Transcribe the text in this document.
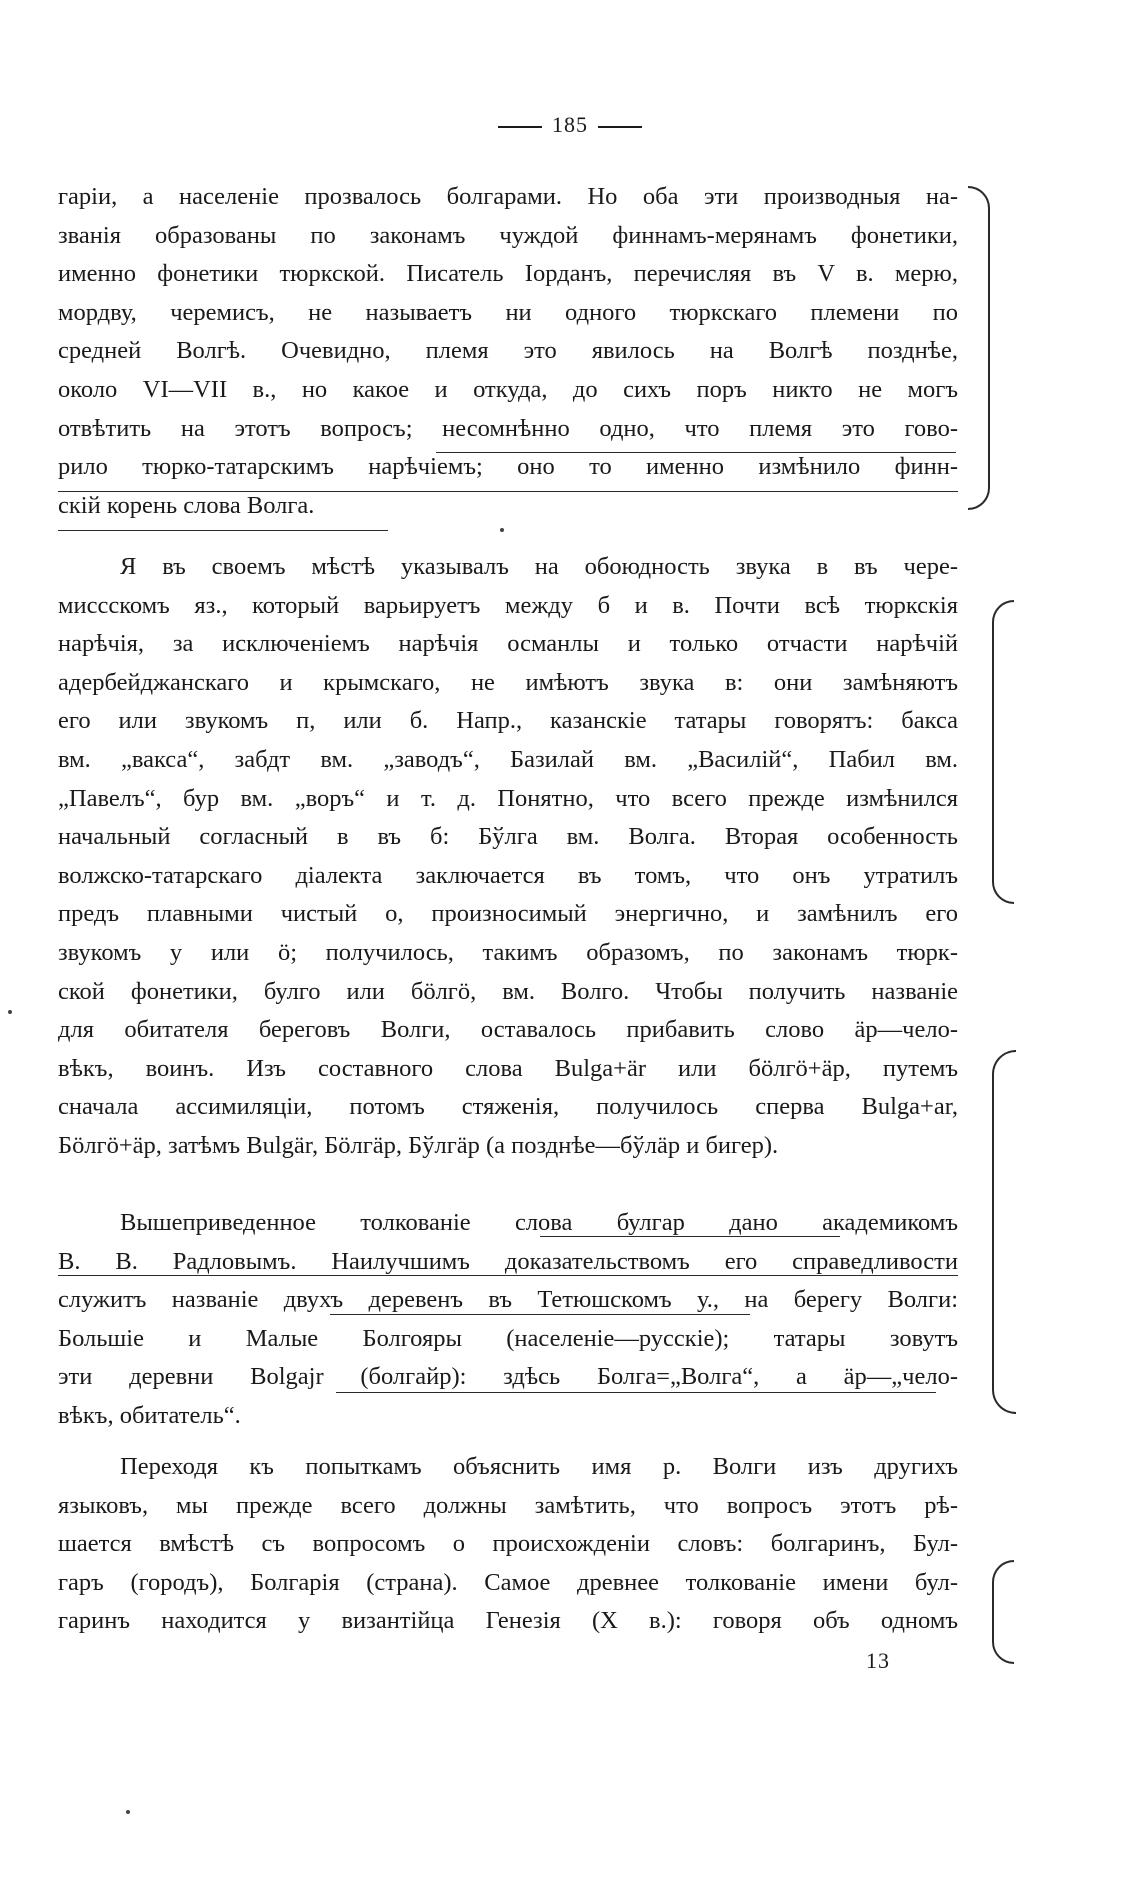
185
гаріи, а населеніе прозвалось болгарами. Но оба эти производныя на-
званія образованы по законамъ чуждой финнамъ-мерянамъ фонетики,
именно фонетики тюркской. Писатель Іорданъ, перечисляя въ V в. мерю,
мордву, черемисъ, не называетъ ни одного тюркскаго племени по
средней Волгѣ. Очевидно, племя это явилось на Волгѣ позднѣе,
около VI—VII в., но какое и откуда, до сихъ поръ никто не могъ
отвѣтить на этотъ вопросъ; несомнѣнно одно, что племя это гово-
рило тюрко-татарскимъ нарѣчіемъ; оно то именно измѣнило финн-
скій корень слова Волга.
Я въ своемъ мѣстѣ указывалъ на обоюдность звука в въ чере-
миссскомъ яз., который варьируетъ между б и в. Почти всѣ тюркскія
нарѣчія, за исключеніемъ нарѣчія османлы и только отчасти нарѣчій
адербейджанскаго и крымскаго, не имѣютъ звука в: они замѣняютъ
его или звукомъ п, или б. Напр., казанскіе татары говорятъ: бакса
вм. „вакса“, забдт вм. „заводъ“, Базилай вм. „Василій“, Пабил вм.
„Павелъ“, бур вм. „воръ“ и т. д. Понятно, что всего прежде измѣнился
начальный согласный в въ б: Бўлга вм. Волга. Вторая особенность
волжско-татарскаго діалекта заключается въ томъ, что онъ утратилъ
предъ плавными чистый о, произносимый энергично, и замѣнилъ его
звукомъ у или ö; получилось, такимъ образомъ, по законамъ тюрк-
ской фонетики, булго или бöлгö, вм. Волго. Чтобы получить названіе
для обитателя береговъ Волги, оставалось прибавить слово äр—чело-
вѣкъ, воинъ. Изъ составного слова Bulga+är или бöлгö+äр, путемъ
сначала ассимиляціи, потомъ стяженія, получилось сперва Bulga+ar,
Бöлгö+äр, затѣмъ Bulgär, Бöлгäр, Бўлгäр (а позднѣе—бўлäр и бигер).
Вышеприведенное толкованіе слова булгар дано академикомъ
В. В. Радловымъ. Наилучшимъ доказательствомъ его справедливости
служитъ названіе двухъ деревенъ въ Тетюшскомъ у., на берегу Волги:
Большіе и Малые Болгояры (населеніе—русскіе); татары зовутъ
эти деревни Bolgajr (болгайр): здѣсь Болга=„Волга“, а äр—„чело-
вѣкъ, обитатель“.
Переходя къ попыткамъ объяснить имя р. Волги изъ другихъ
языковъ, мы прежде всего должны замѣтить, что вопросъ этотъ рѣ-
шается вмѣстѣ съ вопросомъ о происхожденіи словъ: болгаринъ, Бул-
гаръ (городъ), Болгарія (страна). Самое древнее толкованіе имени бул-
гаринъ находится у византійца Генезія (X в.): говоря объ одномъ
13
